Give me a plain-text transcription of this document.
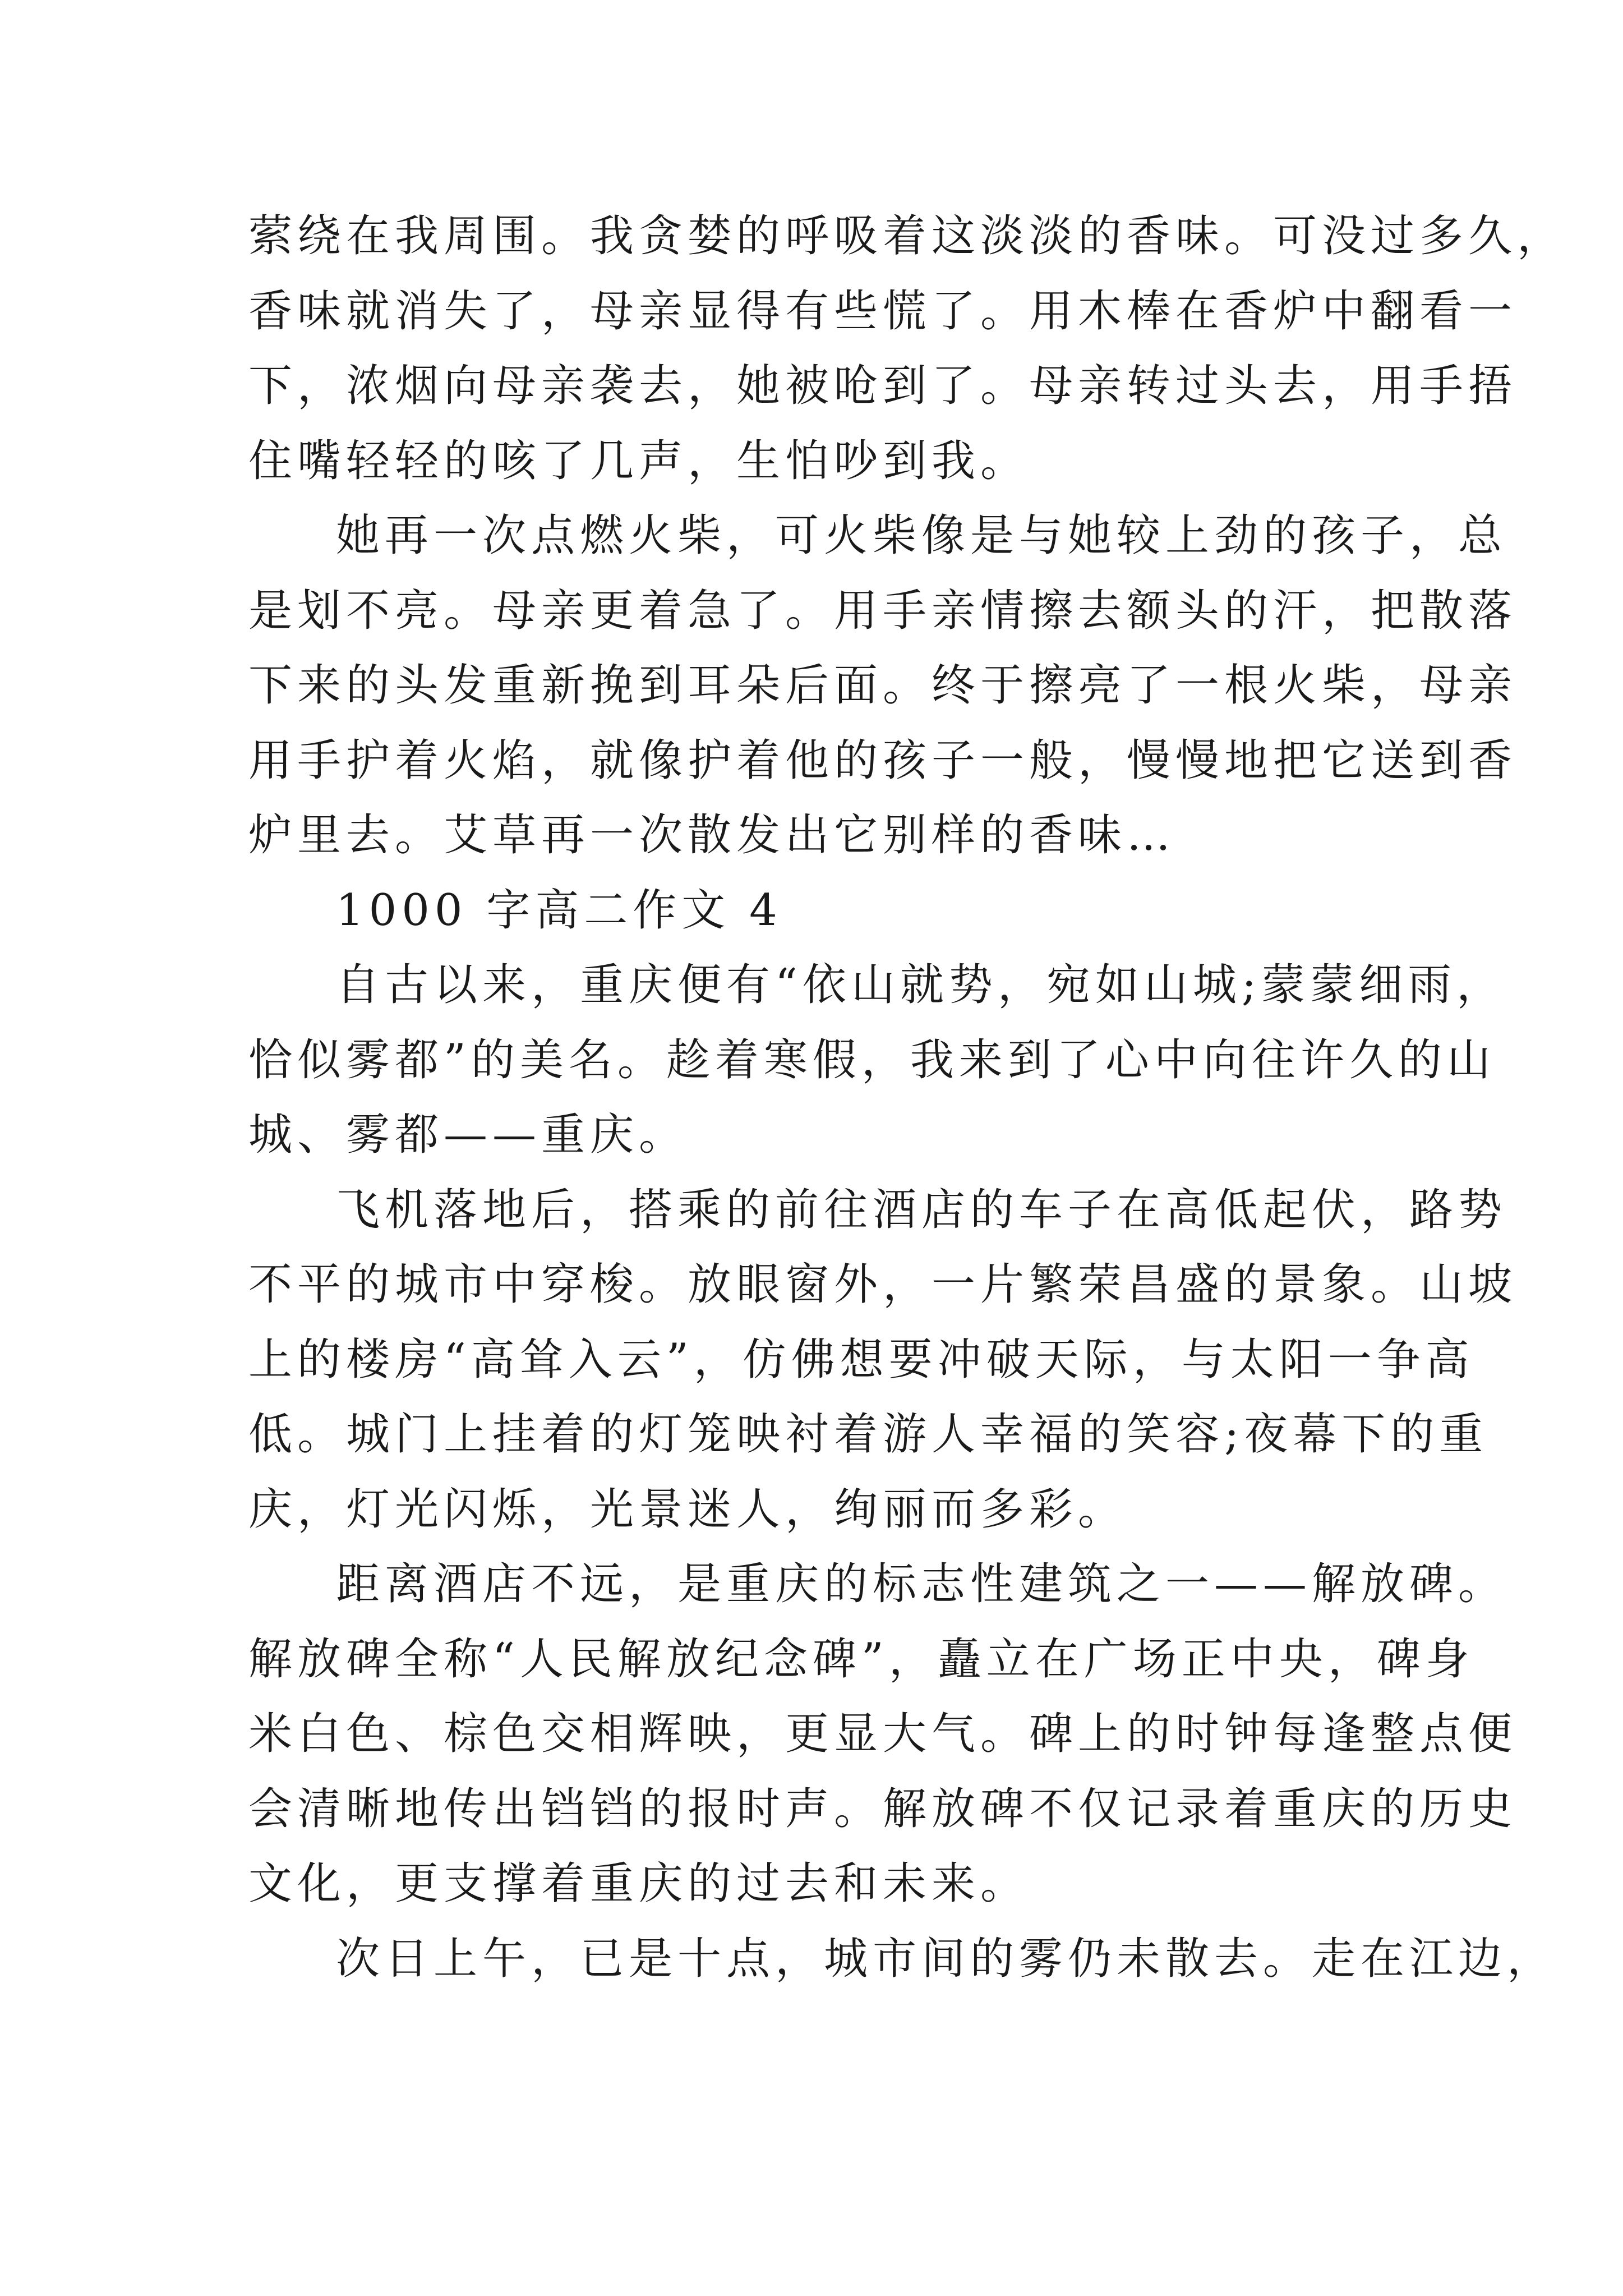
萦绕在我周围。我贪婪的呼吸着这淡淡的香味。可没过多久，
香味就消失了，母亲显得有些慌了。用木棒在香炉中翻看一
下，浓烟向母亲袭去，她被呛到了。母亲转过头去，用手捂
住嘴轻轻的咳了几声，生怕吵到我。

她再一次点燃火柴，可火柴像是与她较上劲的孩子，总
是划不亮。母亲更着急了。用手亲情擦去额头的汗，把散落
下来的头发重新挽到耳朵后面。终于擦亮了一根火柴，母亲
用手护着火焰，就像护着他的孩子一般，慢慢地把它送到香
炉里去。艾草再一次散发出它别样的香味…

1000 字高二作文 4

自古以来，重庆便有“依山就势，宛如山城;蒙蒙细雨，
恰似雾都”的美名。趁着寒假，我来到了心中向往许久的山
城、雾都——重庆。

飞机落地后，搭乘的前往酒店的车子在高低起伏，路势
不平的城市中穿梭。放眼窗外，一片繁荣昌盛的景象。山坡
上的楼房“高耸入云”，仿佛想要冲破天际，与太阳一争高
低。城门上挂着的灯笼映衬着游人幸福的笑容;夜幕下的重
庆，灯光闪烁，光景迷人，绚丽而多彩。

距离酒店不远，是重庆的标志性建筑之一——解放碑。
解放碑全称“人民解放纪念碑”，矗立在广场正中央，碑身
米白色、棕色交相辉映，更显大气。碑上的时钟每逢整点便
会清晰地传出铛铛的报时声。解放碑不仅记录着重庆的历史
文化，更支撑着重庆的过去和未来。

次日上午，已是十点，城市间的雾仍未散去。走在江边，
